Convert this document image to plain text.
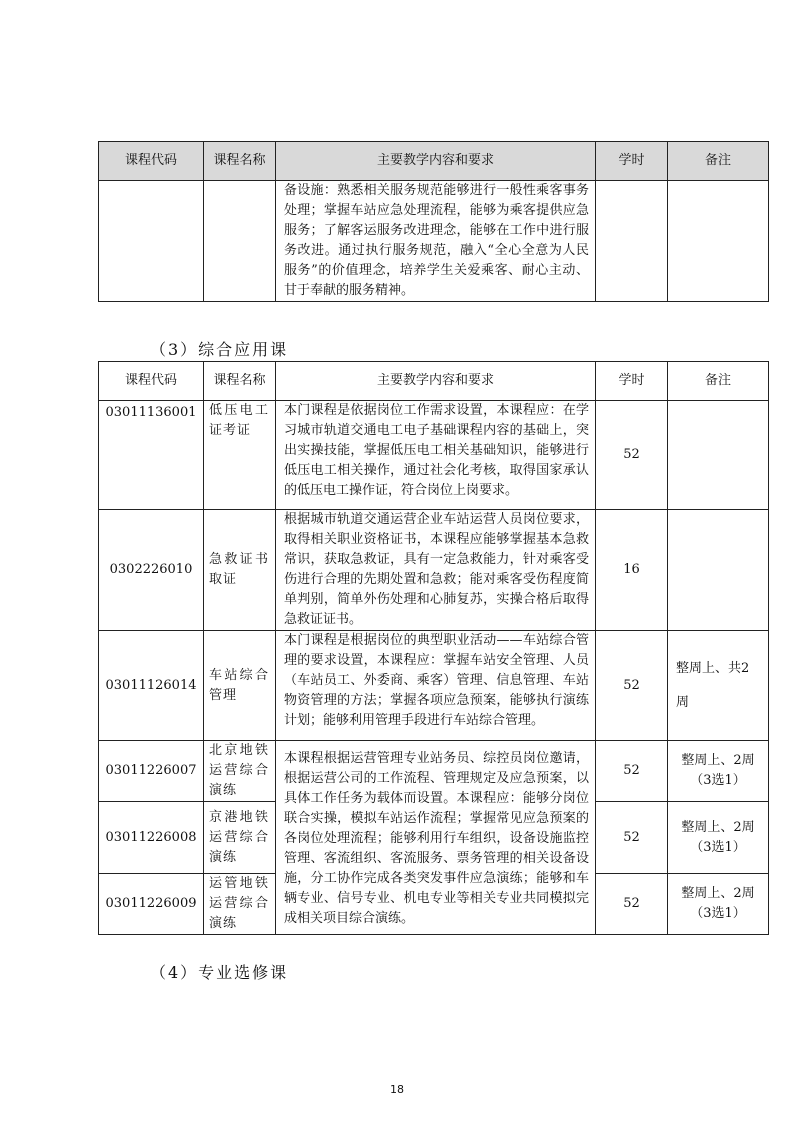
课程代码	课程名称	主要教学内容和要求	学时	备注
		备设施：熟悉相关服务规范能够进行一般性乘客事务处理；掌握车站应急处理流程，能够为乘客提供应急服务；了解客运服务改进理念，能够在工作中进行服务改进。通过执行服务规范，融入“全心全意为人民服务”的价值理念，培养学生关爱乘客、耐心主动、甘于奉献的服务精神。		
（3）综合应用课
课程代码	课程名称	主要教学内容和要求	学时	备注
03011136001	低压电工证考证	本门课程是依据岗位工作需求设置，本课程应：在学习城市轨道交通电工电子基础课程内容的基础上，突出实操技能，掌握低压电工相关基础知识，能够进行低压电工相关操作，通过社会化考核，取得国家承认的低压电工操作证，符合岗位上岗要求。	52	
0302226010	急救证书取证	根据城市轨道交通运营企业车站运营人员岗位要求，取得相关职业资格证书，本课程应能够掌握基本急救常识，获取急救证，具有一定急救能力，针对乘客受伤进行合理的先期处置和急救；能对乘客受伤程度简单判别，简单外伤处理和心肺复苏，实操合格后取得急救证证书。	16	
03011126014	车站综合管理	本门课程是根据岗位的典型职业活动——车站综合管理的要求设置，本课程应：掌握车站安全管理、人员（车站员工、外委商、乘客）管理、信息管理、车站物资管理的方法；掌握各项应急预案，能够执行演练计划；能够利用管理手段进行车站综合管理。	52	整周上、共2
周

03011226007	北京地铁运营综合演练	本课程根据运营管理专业站务员、综控员岗位邀请，根据运营公司的工作流程、管理规定及应急预案，以具体工作任务为载体而设置。本课程应：能够分岗位联合实操，模拟车站运作流程；掌握常见应急预案的各岗位处理流程；能够利用行车组织，设备设施监控管理、客流组织、客流服务、票务管理的相关设备设施，分工协作完成各类突发事件应急演练；能够和车辆专业、信号专业、机电专业等相关专业共同模拟完成相关项目综合演练。	52	整周上、2周
（3选1）

03011226008	京港地铁运营综合演练		52	整周上、2周
（3选1）

03011226009	运管地铁运营综合演练		52	整周上、2周
（3选1）
（4）专业选修课
18
